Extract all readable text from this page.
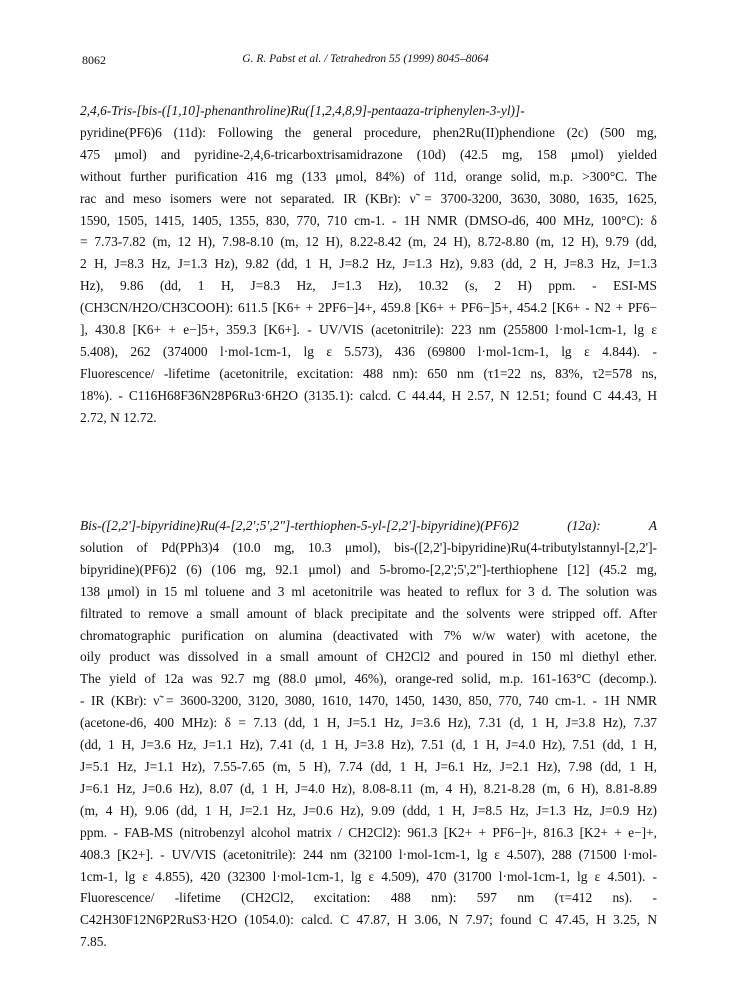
8062	G. R. Pabst et al. / Tetrahedron 55 (1999) 8045–8064
2,4,6-Tris-[bis-([1,10]-phenanthroline)Ru([1,2,4,8,9]-pentaaza-triphenylen-3-yl)]-
pyridine(PF6)6 (11d): Following the general procedure, phen2Ru(II)phendione (2c) (500 mg,
475 μmol) and pyridine-2,4,6-tricarboxtrisamidrazone (10d) (42.5 mg, 158 μmol) yielded
without further purification 416 mg (133 μmol, 84%) of 11d, orange solid, m.p. >300°C. The
rac and meso isomers were not separated. IR (KBr): ν̃ = 3700-3200, 3630, 3080, 1635, 1625,
1590, 1505, 1415, 1405, 1355, 830, 770, 710 cm-1. - 1H NMR (DMSO-d6, 400 MHz, 100°C): δ
= 7.73-7.82 (m, 12 H), 7.98-8.10 (m, 12 H), 8.22-8.42 (m, 24 H), 8.72-8.80 (m, 12 H), 9.79 (dd,
2 H, J=8.3 Hz, J=1.3 Hz), 9.82 (dd, 1 H, J=8.2 Hz, J=1.3 Hz), 9.83 (dd, 2 H, J=8.3 Hz, J=1.3
Hz), 9.86 (dd, 1 H, J=8.3 Hz, J=1.3 Hz), 10.32 (s, 2 H) ppm. - ESI-MS
(CH3CN/H2O/CH3COOH): 611.5 [K6+ + 2PF6−]4+, 459.8 [K6+ + PF6−]5+, 454.2 [K6+ - N2 + PF6−
], 430.8 [K6+ + e−]5+, 359.3 [K6+]. - UV/VIS (acetonitrile): 223 nm (255800 l·mol-1cm-1, lg ε
5.408), 262 (374000 l·mol-1cm-1, lg ε 5.573), 436 (69800 l·mol-1cm-1, lg ε 4.844). -
Fluorescence/ -lifetime (acetonitrile, excitation: 488 nm): 650 nm (τ1=22 ns, 83%, τ2=578 ns,
18%). - C116H68F36N28P6Ru3·6H2O (3135.1): calcd. C 44.44, H 2.57, N 12.51; found C 44.43, H
2.72, N 12.72.
Bis-([2,2']-bipyridine)Ru(4-[2,2';5',2"]-terthiophen-5-yl-[2,2']-bipyridine)(PF6)2 (12a): A
solution of Pd(PPh3)4 (10.0 mg, 10.3 μmol), bis-([2,2']-bipyridine)Ru(4-tributylstannyl-[2,2']-
bipyridine)(PF6)2 (6) (106 mg, 92.1 μmol) and 5-bromo-[2,2';5',2"]-terthiophene [12] (45.2 mg,
138 μmol) in 15 ml toluene and 3 ml acetonitrile was heated to reflux for 3 d. The solution was
filtrated to remove a small amount of black precipitate and the solvents were stripped off. After
chromatographic purification on alumina (deactivated with 7% w/w water) with acetone, the
oily product was dissolved in a small amount of CH2Cl2 and poured in 150 ml diethyl ether.
The yield of 12a was 92.7 mg (88.0 μmol, 46%), orange-red solid, m.p. 161-163°C (decomp.).
- IR (KBr): ν̃ = 3600-3200, 3120, 3080, 1610, 1470, 1450, 1430, 850, 770, 740 cm-1. - 1H NMR
(acetone-d6, 400 MHz): δ = 7.13 (dd, 1 H, J=5.1 Hz, J=3.6 Hz), 7.31 (d, 1 H, J=3.8 Hz), 7.37
(dd, 1 H, J=3.6 Hz, J=1.1 Hz), 7.41 (d, 1 H, J=3.8 Hz), 7.51 (d, 1 H, J=4.0 Hz), 7.51 (dd, 1 H,
J=5.1 Hz, J=1.1 Hz), 7.55-7.65 (m, 5 H), 7.74 (dd, 1 H, J=6.1 Hz, J=2.1 Hz), 7.98 (dd, 1 H,
J=6.1 Hz, J=0.6 Hz), 8.07 (d, 1 H, J=4.0 Hz), 8.08-8.11 (m, 4 H), 8.21-8.28 (m, 6 H), 8.81-8.89
(m, 4 H), 9.06 (dd, 1 H, J=2.1 Hz, J=0.6 Hz), 9.09 (ddd, 1 H, J=8.5 Hz, J=1.3 Hz, J=0.9 Hz)
ppm. - FAB-MS (nitrobenzyl alcohol matrix / CH2Cl2): 961.3 [K2+ + PF6−]+, 816.3 [K2+ + e−]+,
408.3 [K2+]. - UV/VIS (acetonitrile): 244 nm (32100 l·mol-1cm-1, lg ε 4.507), 288 (71500 l·mol-
1cm-1, lg ε 4.855), 420 (32300 l·mol-1cm-1, lg ε 4.509), 470 (31700 l·mol-1cm-1, lg ε 4.501). -
Fluorescence/ -lifetime (CH2Cl2, excitation: 488 nm): 597 nm (τ=412 ns). -
C42H30F12N6P2RuS3·H2O (1054.0): calcd. C 47.87, H 3.06, N 7.97; found C 47.45, H 3.25, N
7.85.
